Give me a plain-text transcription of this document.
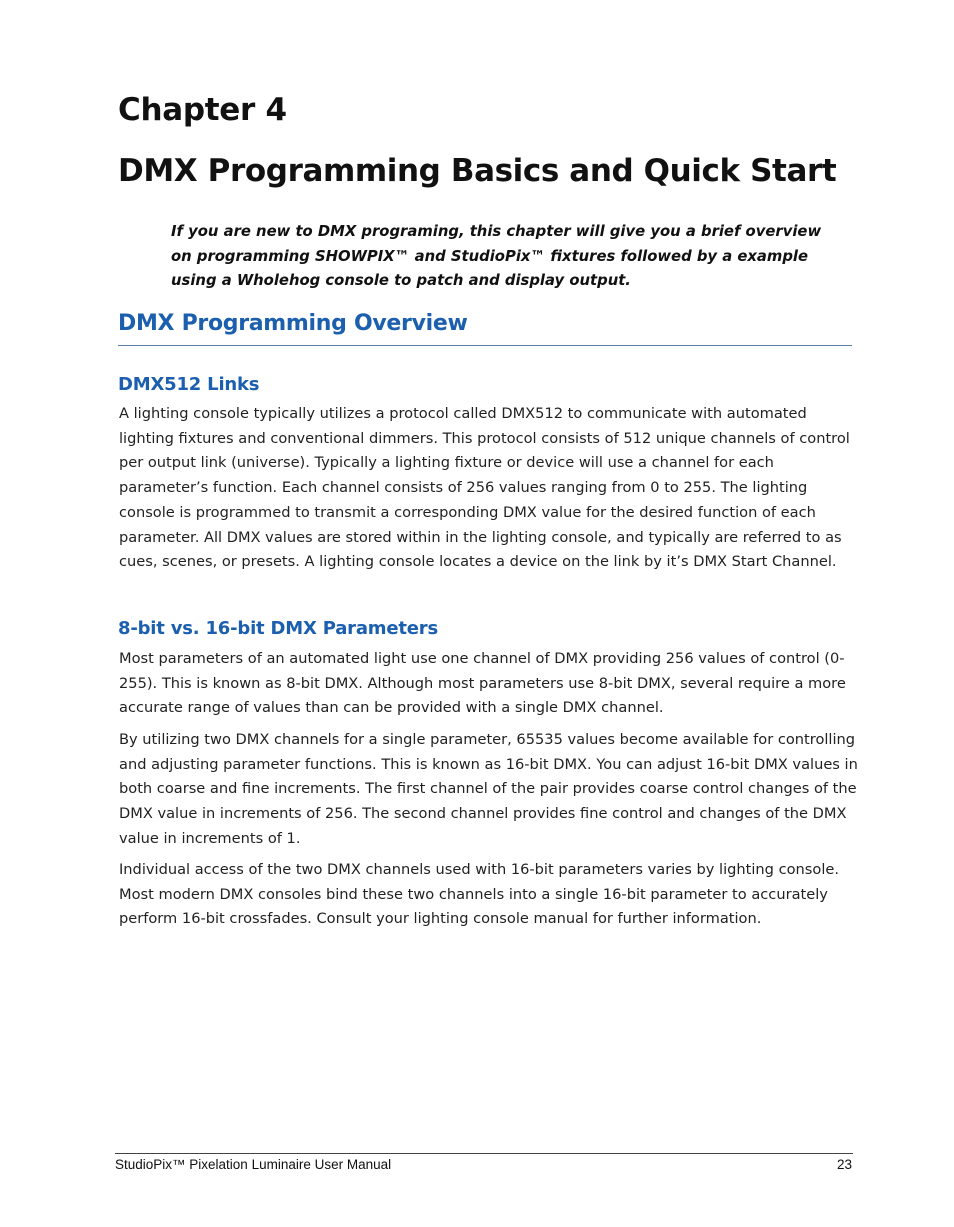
Chapter 4
DMX Programming Basics and Quick Start

If you are new to DMX programing, this chapter will give you a brief overview on programming SHOWPIX™ and StudioPix™ fixtures followed by a example using a Wholehog console to patch and display output.

DMX Programming Overview
DMX512 Links

A lighting console typically utilizes a protocol called DMX512 to communicate with automated lighting fixtures and conventional dimmers. This protocol consists of 512 unique channels of control per output link (universe). Typically a lighting fixture or device will use a channel for each parameter’s function. Each channel consists of 256 values ranging from 0 to 255. The lighting console is programmed to transmit a corresponding DMX value for the desired function of each parameter. All DMX values are stored within in the lighting console, and typically are referred to as cues, scenes, or presets. A lighting console locates a device on the link by it’s DMX Start Channel.

8-bit vs. 16-bit DMX Parameters

Most parameters of an automated light use one channel of DMX providing 256 values of control (0-255). This is known as 8-bit DMX. Although most parameters use 8-bit DMX, several require a more accurate range of values than can be provided with a single DMX channel.

By utilizing two DMX channels for a single parameter, 65535 values become available for controlling and adjusting parameter functions. This is known as 16-bit DMX. You can adjust 16-bit DMX values in both coarse and fine increments. The first channel of the pair provides coarse control changes of the DMX value in increments of 256. The second channel provides fine control and changes of the DMX value in increments of 1.

Individual access of the two DMX channels used with 16-bit parameters varies by lighting console. Most modern DMX consoles bind these two channels into a single 16-bit parameter to accurately perform 16-bit crossfades. Consult your lighting console manual for further information.

StudioPix™ Pixelation Luminaire User Manual	23
